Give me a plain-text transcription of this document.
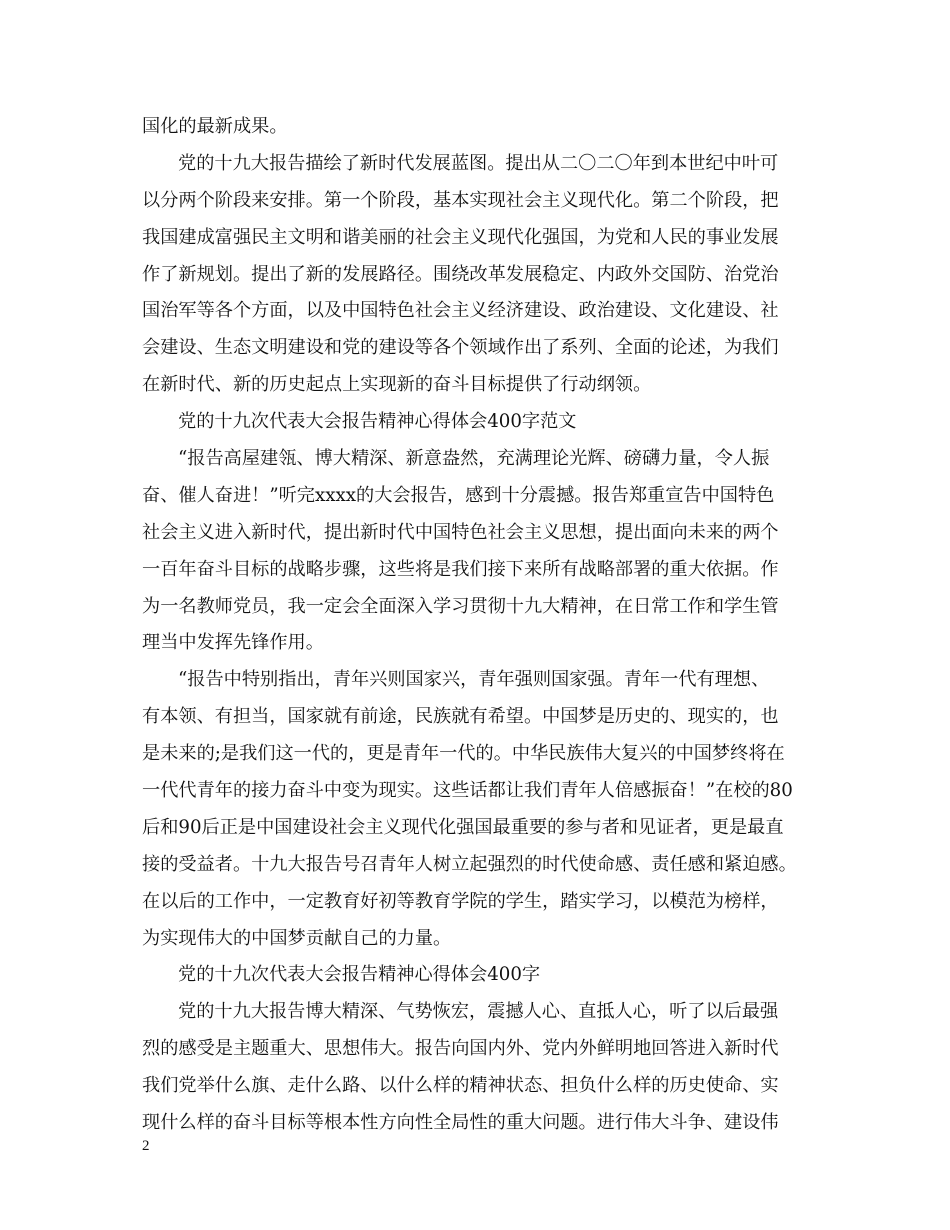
国化的最新成果。
党的十九大报告描绘了新时代发展蓝图。提出从二〇二〇年到本世纪中叶可
以分两个阶段来安排。第一个阶段，基本实现社会主义现代化。第二个阶段，把
我国建成富强民主文明和谐美丽的社会主义现代化强国，为党和人民的事业发展
作了新规划。提出了新的发展路径。围绕改革发展稳定、内政外交国防、治党治
国治军等各个方面，以及中国特色社会主义经济建设、政治建设、文化建设、社
会建设、生态文明建设和党的建设等各个领域作出了系列、全面的论述，为我们
在新时代、新的历史起点上实现新的奋斗目标提供了行动纲领。
党的十九次代表大会报告精神心得体会400字范文
“报告高屋建瓴、博大精深、新意盎然，充满理论光辉、磅礴力量，令人振
奋、催人奋进！”听完xxxx的大会报告，感到十分震撼。报告郑重宣告中国特色
社会主义进入新时代，提出新时代中国特色社会主义思想，提出面向未来的两个
一百年奋斗目标的战略步骤，这些将是我们接下来所有战略部署的重大依据。作
为一名教师党员，我一定会全面深入学习贯彻十九大精神，在日常工作和学生管
理当中发挥先锋作用。
“报告中特别指出，青年兴则国家兴，青年强则国家强。青年一代有理想、
有本领、有担当，国家就有前途，民族就有希望。中国梦是历史的、现实的，也
是未来的;是我们这一代的，更是青年一代的。中华民族伟大复兴的中国梦终将在
一代代青年的接力奋斗中变为现实。这些话都让我们青年人倍感振奋！”在校的80
后和90后正是中国建设社会主义现代化强国最重要的参与者和见证者，更是最直
接的受益者。十九大报告号召青年人树立起强烈的时代使命感、责任感和紧迫感。
在以后的工作中，一定教育好初等教育学院的学生，踏实学习，以模范为榜样，
为实现伟大的中国梦贡献自己的力量。
党的十九次代表大会报告精神心得体会400字
党的十九大报告博大精深、气势恢宏，震撼人心、直抵人心，听了以后最强
烈的感受是主题重大、思想伟大。报告向国内外、党内外鲜明地回答进入新时代
我们党举什么旗、走什么路、以什么样的精神状态、担负什么样的历史使命、实
现什么样的奋斗目标等根本性方向性全局性的重大问题。进行伟大斗争、建设伟
2
